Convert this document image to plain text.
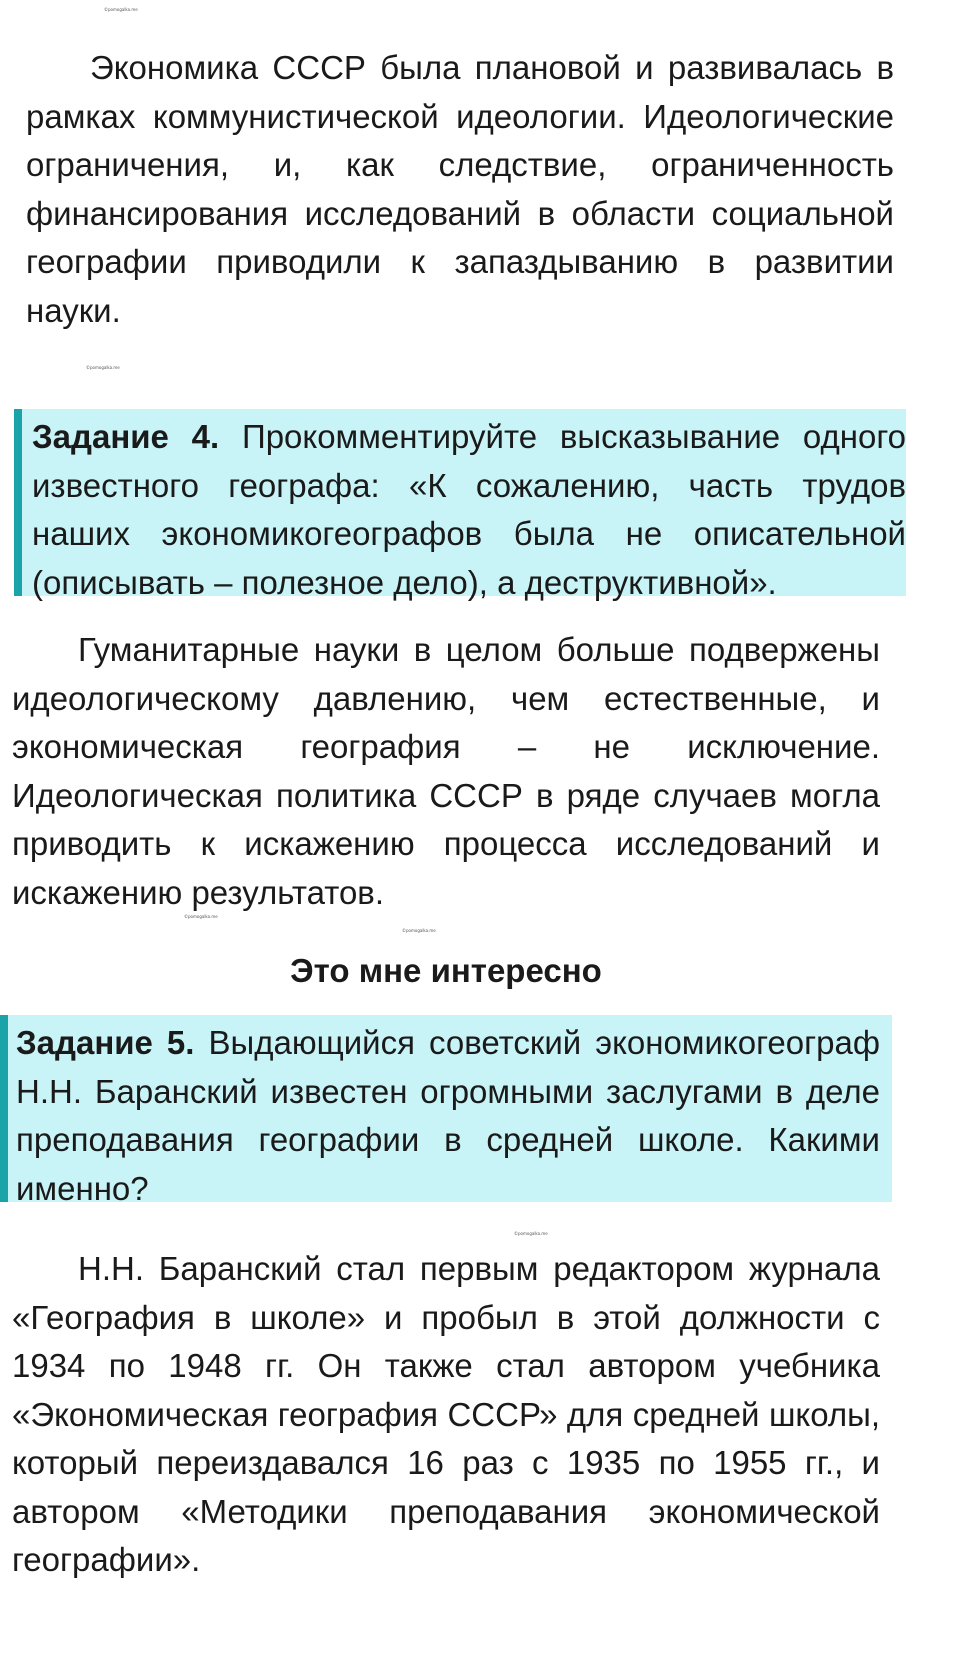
©pomogalka.me

Экономика СССР была плановой и развивалась в рамках коммунистической идеологии. Идеологические ограничения, и, как следствие, ограниченность финансирования исследований в области социальной географии приводили к запаздыванию в развитии науки.

©pomogalka.me

Задание 4. Прокомментируйте высказывание одного известного географа: «К сожалению, часть трудов наших экономикогеографов была не описательной (описывать – полезное дело), а деструктивной».

Гуманитарные науки в целом больше подвержены идеологическому давлению, чем естественные, и экономическая география – не исключение. Идеологическая политика СССР в ряде случаев могла приводить к искажению процесса исследований и искажению результатов.

©pomogalka.me
©pomogalka.me
Это мне интересно

Задание 5. Выдающийся советский экономикогеограф Н.Н. Баранский известен огромными заслугами в деле преподавания географии в средней школе. Какими именно?

©pomogalka.me

Н.Н. Баранский стал первым редактором журнала «География в школе» и пробыл в этой должности с 1934 по 1948 гг. Он также стал автором учебника «Экономическая география СССР» для средней школы, который переиздавался 16 раз с 1935 по 1955 гг., и автором «Методики преподавания экономической географии».
